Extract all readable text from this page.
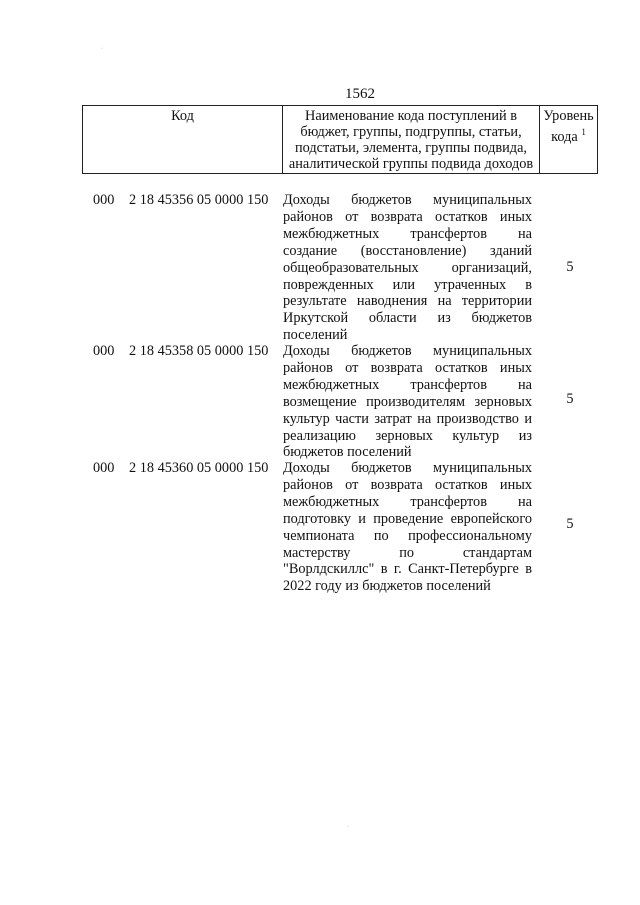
·
·
1562
Код	Наименование кода поступлений в бюджет, группы, подгруппы, статьи, подстатьи, элемента, группы подвида, аналитической группы подвида доходов
Уровень кода $^1$
000 2 18 45356 05 0000 150 Доходы бюджетов муниципальных районов от возврата остатков иных межбюджетных трансфертов на создание (восстановление) зданий общеобразовательных организаций, поврежденных или утраченных в результате наводнения на территории Иркутской области из бюджетов поселений
5
000 2 18 45358 05 0000 150 Доходы бюджетов муниципальных районов от возврата остатков иных межбюджетных трансфертов на возмещение производителям зерновых культур части затрат на производство и реализацию зерновых культур из бюджетов поселений
5
000 2 18 45360 05 0000 150 Доходы бюджетов муниципальных районов от возврата остатков иных межбюджетных трансфертов на подготовку и проведение европейского чемпионата по профессиональному мастерству по стандартам "Ворлдскиллс" в г. Санкт-Петербурге в 2022 году из бюджетов поселений
5
